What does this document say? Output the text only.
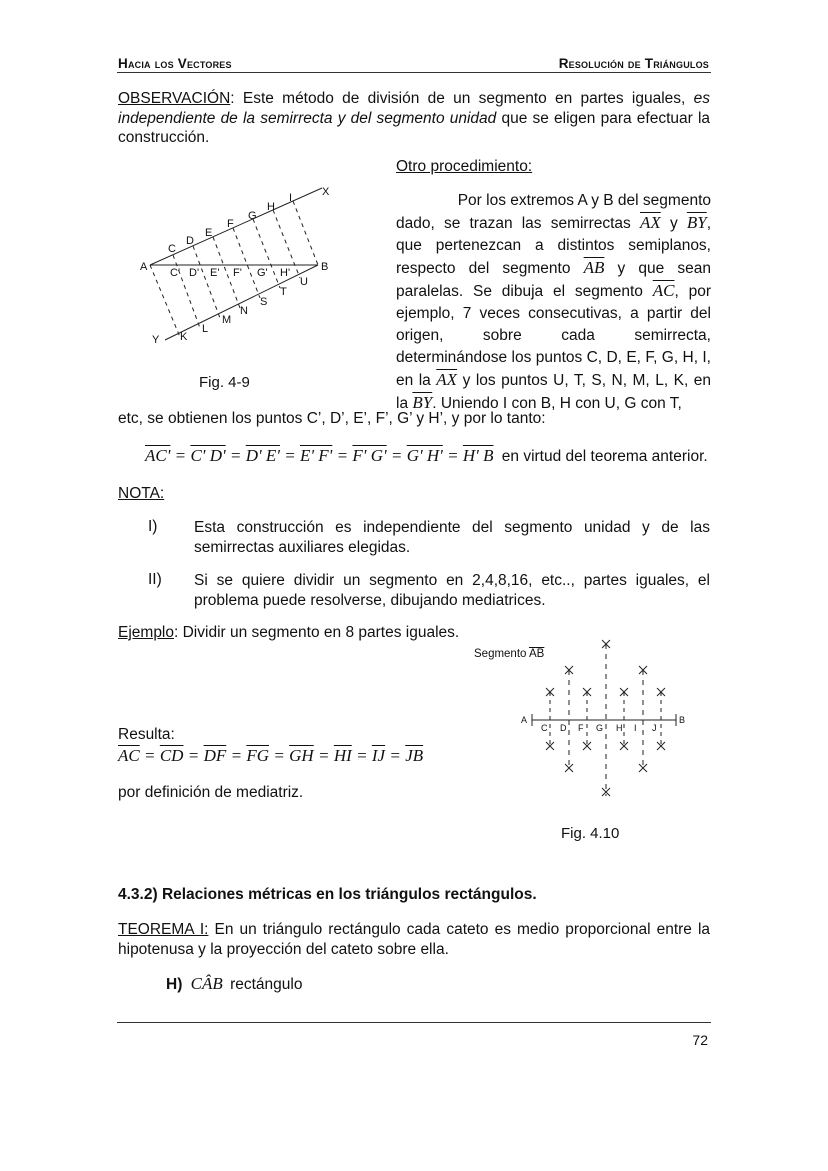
Hacia los Vectores	Resolución de Triángulos
OBSERVACIÓN: Este método de división de un segmento en partes iguales, es independiente de la semirrecta y del segmento unidad que se eligen para efectuar la construcción.
A	B
X
Y
C
D
E
F
G
H
I
C' D' E' F' G' H'
U
T
S
N
M
L
K
Fig. 4-9
Otro procedimiento:
Por los extremos A y B del segmento
dado, se trazan las semirrectas $\overline{AX}$ y $\overline{BY}$,
que pertenezcan a distintos semiplanos,
respecto del segmento $\overline{AB}$ y que sean
paralelas. Se dibuja el segmento $\overline{AC}$, por
ejemplo, 7 veces consecutivas, a partir del
origen, sobre cada semirrecta,
determinándose los puntos C, D, E, F, G, H, I,
en la $\overline{AX}$ y los puntos U, T, S, N, M, L, K, en
la $\overline{BY}$. Uniendo I con B, H con U, G con T,
etc, se obtienen los puntos C’, D’, E’, F’, G’ y H’, y por lo tanto:
AC' = C' D' = D' E' = E' F' = F' G' = G' H' = H' B en virtud del teorema anterior.
NOTA:
I) Esta construcción es independiente del segmento unidad y de las
semirrectas auxiliares elegidas.
II) Si se quiere dividir un segmento en 2,4,8,16, etc.., partes iguales, el
problema puede resolverse, dibujando mediatrices.
Ejemplo: Dividir un segmento en 8 partes iguales.
Resulta:
$\overline{AC} = \overline{CD} = \overline{DF} = \overline{FG} = \overline{GH} = \overline{HI} = \overline{IJ} = \overline{JB}$
por definición de mediatriz.
Segmento $\overline{AB}$
A	B
C D F G H I J
Fig. 4.10
4.3.2) Relaciones métricas en los triángulos rectángulos.
TEOREMA I: En un triángulo rectángulo cada cateto es medio proporcional entre la hipotenusa y la proyección del cateto sobre ella.
H) CÂB rectángulo
72
